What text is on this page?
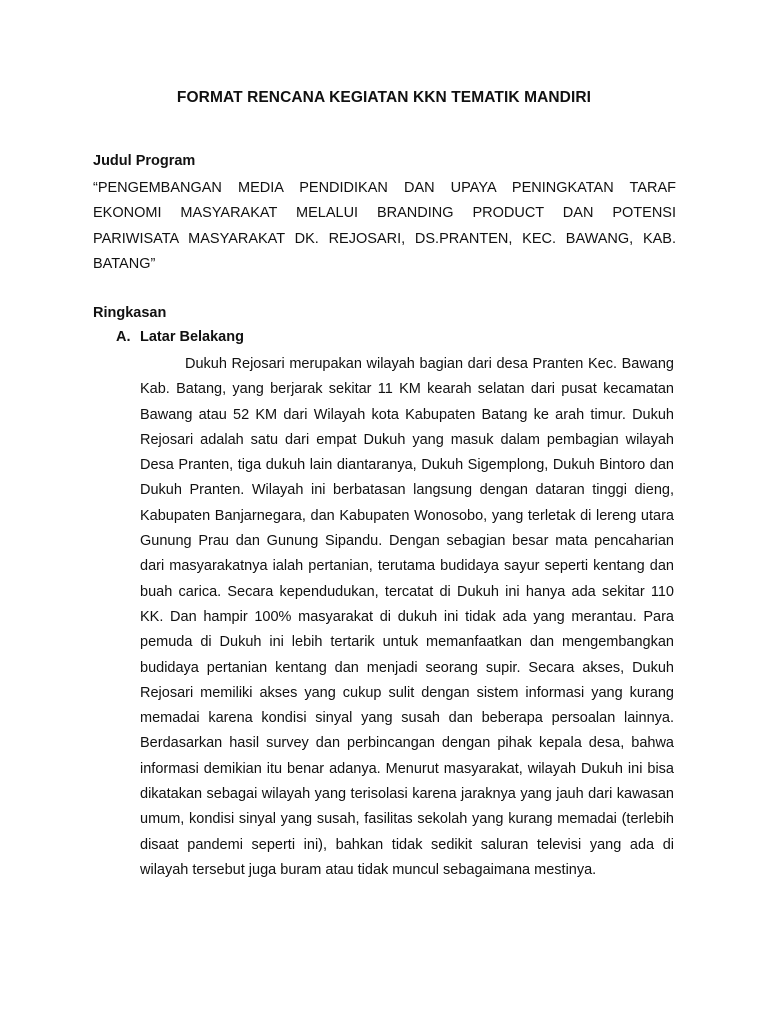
FORMAT RENCANA KEGIATAN KKN TEMATIK MANDIRI
Judul Program
“PENGEMBANGAN MEDIA PENDIDIKAN DAN UPAYA PENINGKATAN TARAF EKONOMI MASYARAKAT MELALUI BRANDING PRODUCT DAN POTENSI PARIWISATA MASYARAKAT DK. REJOSARI, DS.PRANTEN, KEC. BAWANG, KAB. BATANG”
Ringkasan
A. Latar Belakang
Dukuh Rejosari merupakan wilayah bagian dari desa Pranten Kec. Bawang Kab. Batang, yang berjarak sekitar 11 KM kearah selatan dari pusat kecamatan Bawang atau 52 KM dari Wilayah kota Kabupaten Batang ke arah timur. Dukuh Rejosari adalah satu dari empat Dukuh yang masuk dalam pembagian wilayah Desa Pranten, tiga dukuh lain diantaranya, Dukuh Sigemplong, Dukuh Bintoro dan Dukuh Pranten. Wilayah ini berbatasan langsung dengan dataran tinggi dieng, Kabupaten Banjarnegara, dan Kabupaten Wonosobo, yang terletak di lereng utara Gunung Prau dan Gunung Sipandu. Dengan sebagian besar mata pencaharian dari masyarakatnya ialah pertanian, terutama budidaya sayur seperti kentang dan buah carica. Secara kependudukan, tercatat di Dukuh ini hanya ada sekitar 110 KK. Dan hampir 100% masyarakat di dukuh ini tidak ada yang merantau. Para pemuda di Dukuh ini lebih tertarik untuk memanfaatkan dan mengembangkan budidaya pertanian kentang dan menjadi seorang supir. Secara akses, Dukuh Rejosari memiliki akses yang cukup sulit dengan sistem informasi yang kurang memadai karena kondisi sinyal yang susah dan beberapa persoalan lainnya. Berdasarkan hasil survey dan perbincangan dengan pihak kepala desa, bahwa informasi demikian itu benar adanya. Menurut masyarakat, wilayah Dukuh ini bisa dikatakan sebagai wilayah yang terisolasi karena jaraknya yang jauh dari kawasan umum, kondisi sinyal yang susah, fasilitas sekolah yang kurang memadai (terlebih disaat pandemi seperti ini), bahkan tidak sedikit saluran televisi yang ada di wilayah tersebut juga buram atau tidak muncul sebagaimana mestinya.
